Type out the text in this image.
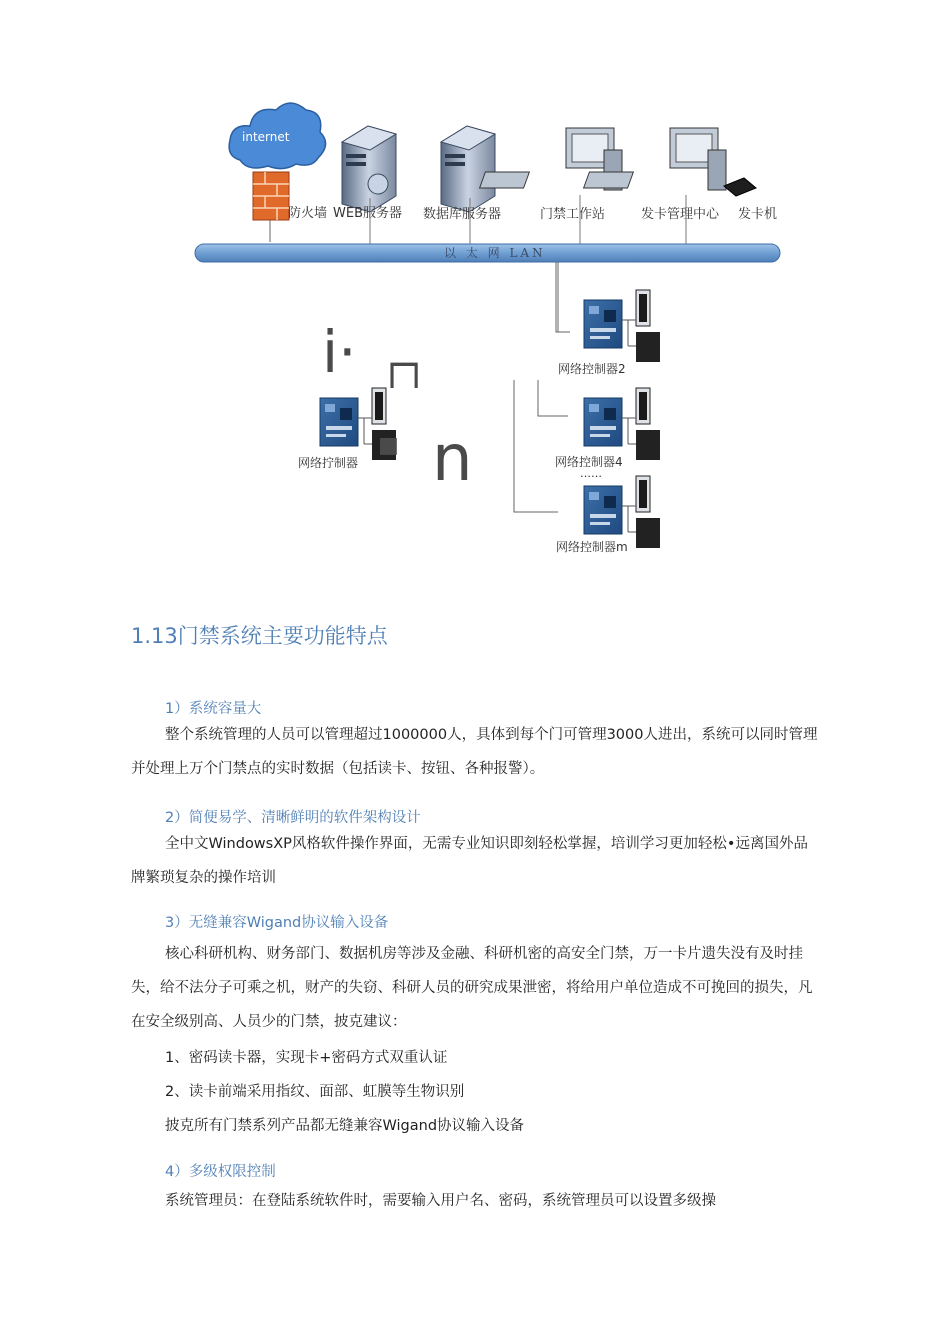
internet
防火墙 WEB服务器 数据库服务器	门禁工作站	发卡管理中心 发卡机
以 太 网 LAN
网络拧制器
网络控制器2
网络控制器4
……
网络控制器m
i· ┌┐
■ n
1.13门禁系统主要功能特点
1）系统容量大
整个系统管理的人员可以管理超过1000000人，具体到每个门可管理3000人进出，系统可以同时管理并处理上万个门禁点的实时数据（包括读卡、按钮、各种报警）。
2）简便易学、清晰鲜明的软件架构设计
全中文WindowsXP风格软件操作界面，无需专业知识即刻轻松掌握，培训学习更加轻松•远离国外品牌繁琐复杂的操作培训
3）无缝兼容Wigand协议输入设备
核心科研机构、财务部门、数据机房等涉及金融、科研机密的高安全门禁，万一卡片遗失没有及时挂失，给不法分子可乘之机，财产的失窃、科研人员的研究成果泄密，将给用户单位造成不可挽回的损失，凡在安全级别高、人员少的门禁，披克建议：
1、密码读卡器，实现卡+密码方式双重认证
2、读卡前端采用指纹、面部、虹膜等生物识别
披克所有门禁系列产品都无缝兼容Wigand协议输入设备
4）多级权限控制
系统管理员：在登陆系统软件时，需要输入用户名、密码，系统管理员可以设置多级操
